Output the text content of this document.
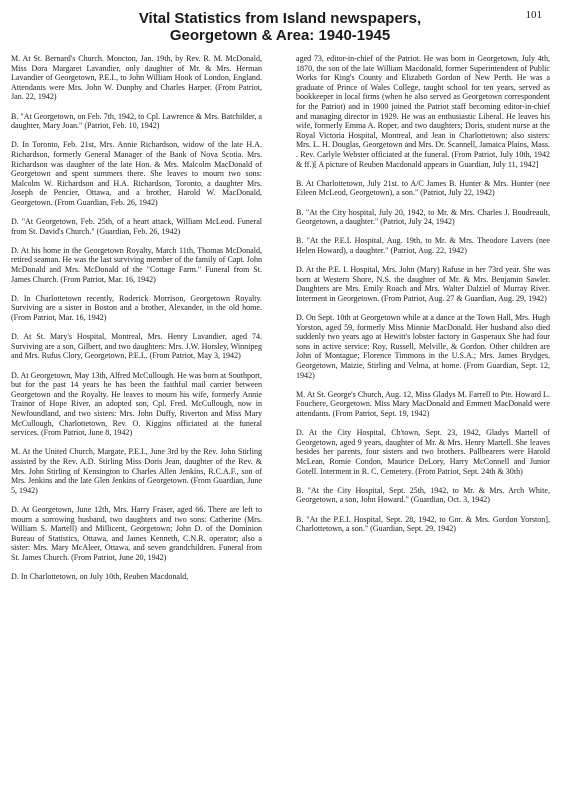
Vital Statistics from Island newspapers,
Georgetown & Area: 1940-1945
101

M. At St. Bernard's Church. Moncton, Jan. 19th, by Rev. R. M. McDonald, Miss Dora Margaret Lavandier, only daughter of Mr. & Mrs. Herman Lavandier of Georgetown, P.E.I., to John William Hook of London, England. Attendants were Mrs. John W. Dunphy and Charles Harper. (From Patriot, Jan. 22, 1942)

B. "At Georgetown, on Feb. 7th, 1942, to Cpl. Lawrence & Mrs. Batchilder, a daughter, Mary Joan." (Patriot, Feb. 10, 1942)

D. In Toronto, Feb. 21st, Mrs. Annie Richardson, widow of the late H.A. Richardson, formerly General Manager of the Bank of Nova Scotia. Mrs. Richardson was daughter of the late Hon. & Mrs. Malcolm MacDonald of Georgetown and spent summers there. She leaves to mourn two sons: Malcolm W. Richardson and H.A. Richardson, Toronto, a daughter Mrs. Joseph de Pencier, Ottawa, and a brother, Harold W. MacDonald, Georgetown. (From Guardian, Feb. 26, 1942)

D. "At Georgetown, Feb. 25th, of a heart attack, William McLeod. Funeral from St. David's Church." (Guardian, Feb. 26, 1942)

D. At his home in the Georgetown Royalty, March 11th, Thomas McDonald, retired seaman. He was the last surviving member of the family of Capt. John McDonald and Mrs. McDonald of the "Cottage Farm." Funeral from St. James Church. (From Patriot, Mar. 16, 1942)

D. In Charlottetown recently, Roderick Morrison, Georgetown Royalty. Surviving are a sister in Boston and a brother, Alexander, in the old home. (From Patriot, Mar. 16, 1942)

D. At St. Mary's Hospital, Montreal, Mrs. Henry Lavandier, aged 74. Surviving are a son, Gilbert, and two daughters: Mrs. J.W. Horsley, Winnipeg and Mrs. Rufus Clory, Georgetown, P.E.I.. (From Patriot, May 3, 1942)

D. At Georgetown, May 13th, Alfred McCullough. He was born at Southport, but for the past 14 years he has been the faithful mail carrier between Georgetown and the Royalty. He leaves to mourn his wife, formerly Annie Trainor of Hope River, an adopted son, Cpl. Fred. McCullough, now in Newfoundland, and two sisters: Mrs. John Duffy, Riverton and Miss Mary McCullough, Charlottetown, Rev. O. Kiggins officiated at the funeral services. (From Patriot, June 8, 1942)

M. At the United Church, Margate, P.E.I., June 3rd by the Rev. John Stirling assisted by the Rev. A.D. Stirling Miss Doris Jean, daughter of the Rev. & Mrs. John Stirling of Kensington to Charles Allen Jenkins, R.C.A.F., son of Mrs. Jenkins and the late Glen Jenkins of Georgetown. (From Guardian, June 5, 1942)

D. At Georgetown, June 12th, Mrs. Harry Fraser, aged 66. There are left to mourn a sorrowing husband, two daughters and two sons: Catherine (Mrs. William S. Martell) and Millicent, Georgetown; John D. of the Dominion Bureau of Statistics, Ottawa, and James Kenneth, C.N.R. operator; also a sister: Mrs. Mary McAleer, Ottawa, and seven grandchildren. Funeral from St. James Church. (From Patriot, June 20, 1942)

D. In Charlottetown, on July 10th, Reuben Macdonald,

aged 73, editor-in-chief of the Patriot. He was born in Georgetown, July 4th, 1870, the son of the late William Macdonald, former Superintendent of Public Works for King's County and Elizabeth Gordon of New Perth. He was a graduate of Prince of Wales College, taught school for ten years, served as bookkeeper in local firms (when he also served as Georgetown correspondent for the Patriot) and in 1900 joined the Patriot staff becoming editor-in-chief and managing director in 1929. He was an enthusiastic Liberal. He leaves his wife, formerly Emma A. Roper, and two daughters; Doris, student nurse at the Royal Victoria Hospital, Montreal, and Jean in Charlottetown; also sisters: Mrs. L. H. Douglas, Georgetown and Mrs. Dr. Scannell, Jamaica Plains, Mass. . Rev. Carlyle Webster officiated at the funeral. (From Patriot, July 10th, 1942 & ff.)[ A picture of Reuben Macdonald appears in Guardian, July 11, 1942]

B. At Charlottetown, July 21st. to A/C James B. Hunter & Mrs. Hunter (nee Eileen McLeod, Georgetown), a son." (Patriot, July 22, 1942)

B. "At the City hospital, July 20, 1942, to Mr. & Mrs. Charles J. Boudreault, Georgetown, a daughter." (Patriot, July 24, 1942)

B. "At the P.E.I. Hospital, Aug. 19th, to Mr. & Mrs. Theodore Lavers (nee Helen Howard), a daughter." (Patriot, Aug. 22, 1942)

D. At the P.E. I. Hospital, Mrs. John (Mary) Rafuse in her 73rd year. She was born at Western Shore, N.S. the daughter of Mr. & Mrs. Benjamin Sawler. Daughters are Mrs. Emily Roach and Mrs. Walter Dalziel of Murray River. Interment in Georgetown. (From Patriot, Aug. 27 & Guardian, Aug. 29, 1942)

D. On Sept. 10th at Georgetown while at a dance at the Town Hall, Mrs. Hugh Yorston, aged 59, formerly Miss Minnie MacDonald. Her husband also died suddenly two years ago at Hewitt's lobster factory in Gasperaux She had four sons in active service: Roy, Russell, Melville, & Gordon. Other children are John of Montague; Florence Timmons in the U.S.A.; Mrs. James Brydges, Georgetown, Maizie, Stirling and Velma, at home. (From Guardian, Sept. 12, 1942)

M. At St. George's Church, Aug. 12, Miss Gladys M. Farrell to Pte. Howard L. Fouchere, Georgetown. Miss Mary MacDonald and Emmett MacDonald were attendants. (From Patriot, Sept. 19, 1942)

D. At the City Hospital, Ch'town, Sept. 23, 1942, Gladys Martell of Georgetown, aged 9 years, daughter of Mr. & Mrs. Henry Martell. She leaves besides her parents, four sisters and two brothers. Pallbearers were Harold McLean, Romie Condon, Maurice DeLory, Harry McConnell and Junior Gotell. Interment in R. C. Cemetery. (From Patriot, Sept. 24th & 30th)

B. "At the City Hospital, Sept. 25th, 1942, to Mr. & Mrs. Arch White, Georgetown, a son, John Howard." (Guardian, Oct. 3, 1942)

B. "At the P.E.I. Hospital, Sept. 28, 1942, to Gnr. & Mrs. Gordon Yorston], Charlottetown, a son." (Guardian, Sept. 29, 1942)
